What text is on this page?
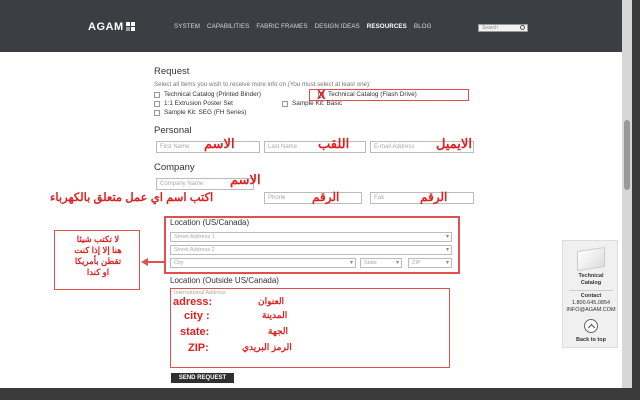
AGAM	SYSTEM CAPABILITIES FABRIC FRAMES DESIGN IDEAS RESOURCES BLOG	Search
Request
Select all items you wish to receive more info on (You must select at least one):
Technical Catalog (Printed Binder)	Technical Catalog (Flash Drive)
X
1:1 Extrusion Poster Set	Sample Kit: Basic
Sample Kit: SEG (FH Series)
Personal
First Name	Last Name	E-mail Address
الاسم	اللقب	الايميل
Company
Company Name	الاسم
Phone	Fax
اكتب اسم اي عمل متعلق بالكهرباء	الرقم	الرقم
Location (US/Canada)
Street Address 1 ▾
Street Address 2 ▾
City ▾	State ▾	ZIP ▾
لا تكتب شيئا
هنا إلا إذا كنت
تقطن بأمريكا
او كندا
Location (Outside US/Canada)
International Address
adress:	العنوان
city :	المدينة
state:	الجهة
ZIP:	الرمز البريدي
SEND REQUEST
Technical
Catalog
Contact
1.800.645.0854
INFO@AGAM.COM
Back to top
